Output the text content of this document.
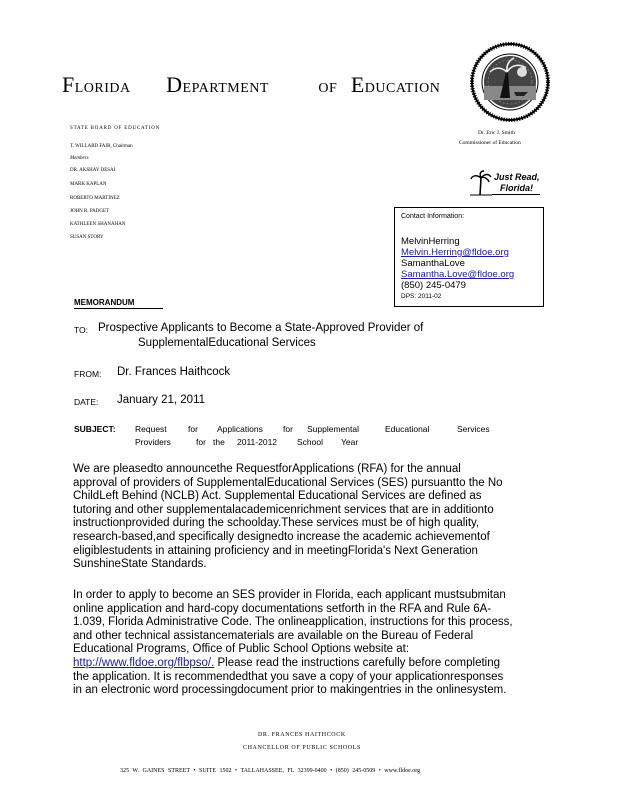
FLORIDA DEPARTMENT	OF EDUCATION
STATE BOARD OF EDUCATION
T. WILLARD FAIR, Chairman
Members
DR. AKSHAY DESAI
MARK KAPLAN
ROBERTO MARTINEZ
JOHN R. PADGET
KATHLEEN SHANAHAN
SUSAN STORY
Dr. Eric J. Smith
Commissioner of Education
Just Read,
Florida!
Contact Information:
MelvinHerring
Melvin.Herring@fldoe.org
SamanthaLove
Samantha.Love@fldoe.org
(850) 245-0479
DPS: 2011-02
MEMORANDUM
TO: Prospective Applicants to Become a State-Approved Provider of
SupplementalEducational Services
FROM: Dr. Frances Haithcock
DATE: January 21, 2011
SUBJECT: Request	for Applications for Supplemental	Educational	Services
Providers	for the 2011-2012 School Year
We are pleasedto announcethe RequestforApplications (RFA) for the annual
approval of providers of SupplementalEducational Services (SES) pursuantto the No
ChildLeft Behind (NCLB) Act. Supplemental Educational Services are defined as
tutoring and other supplementalacademicenrichment services that are in additionto
instructionprovided during the schoolday.These services must be of high quality,
research-based,and specifically designedto increase the academic achievementof
eligiblestudents in attaining proficiency and in meetingFlorida's Next Generation
SunshineState Standards.
In order to apply to become an SES provider in Florida, each applicant mustsubmitan
online application and hard-copy documentations setforth in the RFA and Rule 6A-
1.039, Florida Administrative Code. The onlineapplication, instructions for this process,
and other technical assistancematerials are available on the Bureau of Federal
Educational Programs, Office of Public School Options website at:
http://www.fldoe.org/flbpso/. Please read the instructions carefully before completing
the application. It is recommendedthat you save a copy of your applicationresponses
in an electronic word processingdocument prior to makingentries in the onlinesystem.
DR. FRANCES HAITHCOCK
CHANCELLOR OF PUBLIC SCHOOLS
325 W. GAINES STREET • SUITE 1502 • TALLAHASSEE, FL 32399-0400 • (850) 245-0509 • www.fldoe.org
